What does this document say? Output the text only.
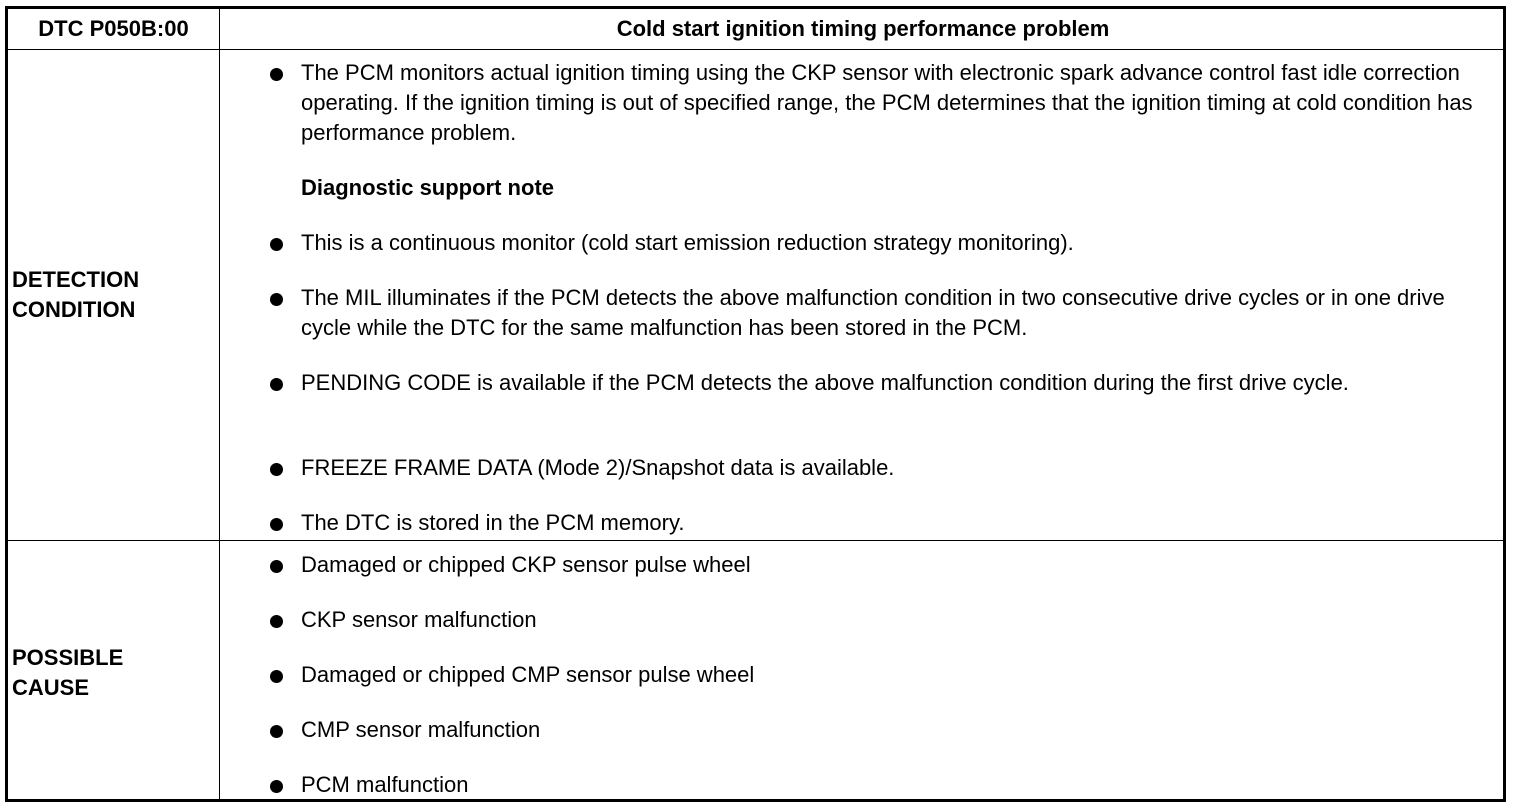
DTC P050B:00	Cold start ignition timing performance problem
DETECTION
CONDITION
The PCM monitors actual ignition timing using the CKP sensor with electronic spark advance control fast idle correction operating. If the ignition timing is out of specified range, the PCM determines that the ignition timing at cold condition has performance problem.
Diagnostic support note
This is a continuous monitor (cold start emission reduction strategy monitoring).
The MIL illuminates if the PCM detects the above malfunction condition in two consecutive drive cycles or in one drive cycle while the DTC for the same malfunction has been stored in the PCM.
PENDING CODE is available if the PCM detects the above malfunction condition during the first drive cycle.
FREEZE FRAME DATA (Mode 2)/Snapshot data is available.
The DTC is stored in the PCM memory.
POSSIBLE
CAUSE
Damaged or chipped CKP sensor pulse wheel
CKP sensor malfunction
Damaged or chipped CMP sensor pulse wheel
CMP sensor malfunction
PCM malfunction
